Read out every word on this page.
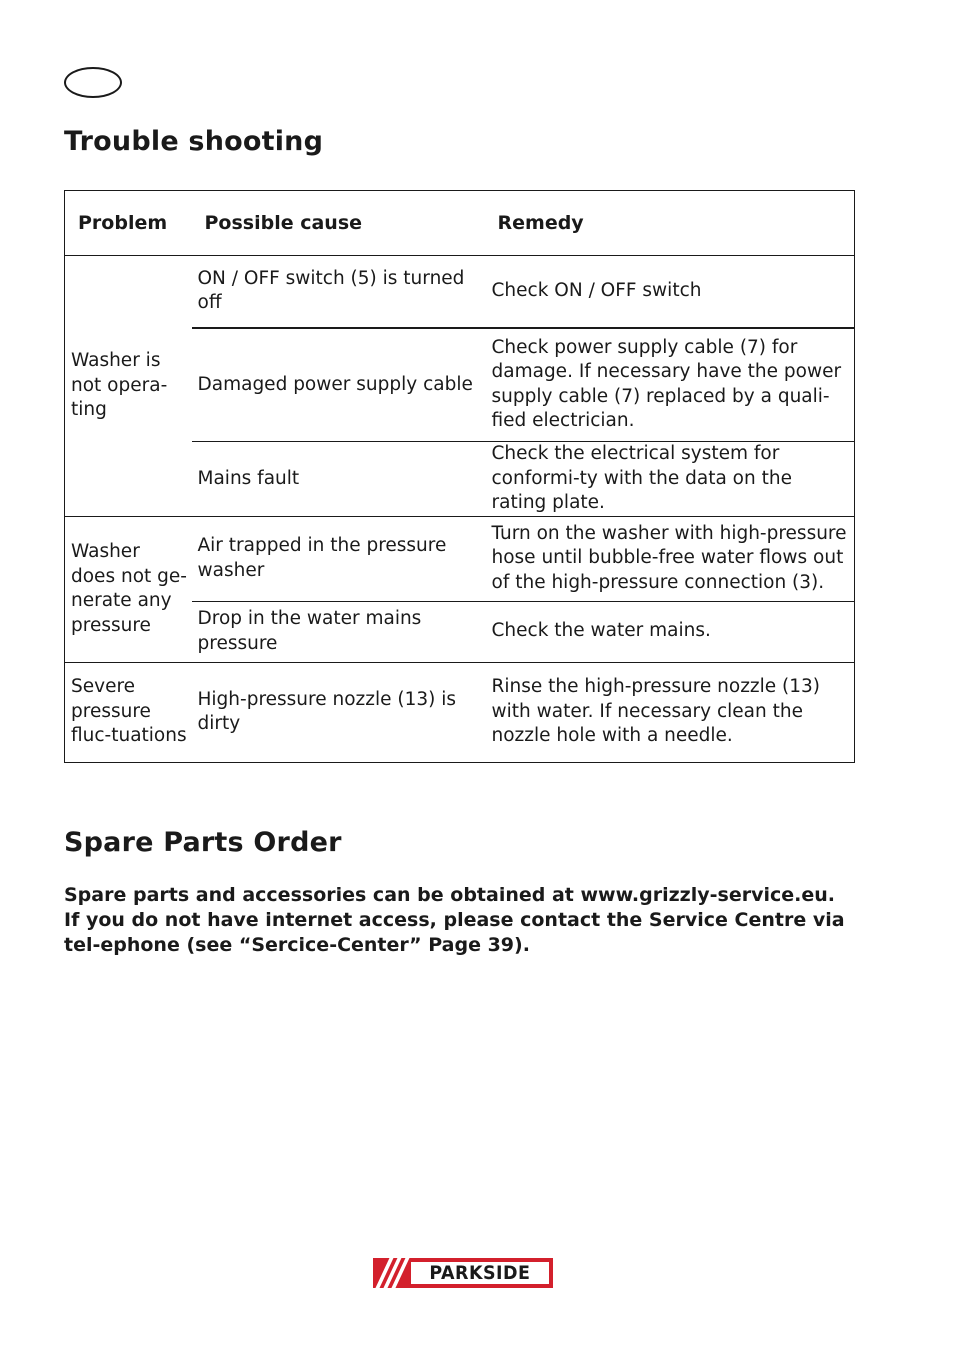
Trouble shooting
Problem	Possible cause	Remedy
Washer is not opera-ting	ON / OFF switch (5) is turned off	Check ON / OFF switch
	Damaged power supply cable	Check power supply cable (7) for damage. If necessary have the power supply cable (7) replaced by a quali-fied electrician.
	Mains fault	Check the electrical system for conformi-ty with the data on the rating plate.
Washer does not ge-nerate any pressure	Air trapped in the pressure washer	Turn on the washer with high-pressure hose until bubble-free water flows out of the high-pressure connection (3).
	Drop in the water mains pressure	Check the water mains.
Severe pressure fluc-tuations	High-pressure nozzle (13) is dirty	Rinse the high-pressure nozzle (13) with water. If necessary clean the nozzle hole with a needle.
Spare Parts Order

Spare parts and accessories can be obtained at www.grizzly-service.eu.

If you do not have internet access, please contact the Service Centre via tel-ephone (see “Sercice-Center” Page 39).

PARKSIDE
